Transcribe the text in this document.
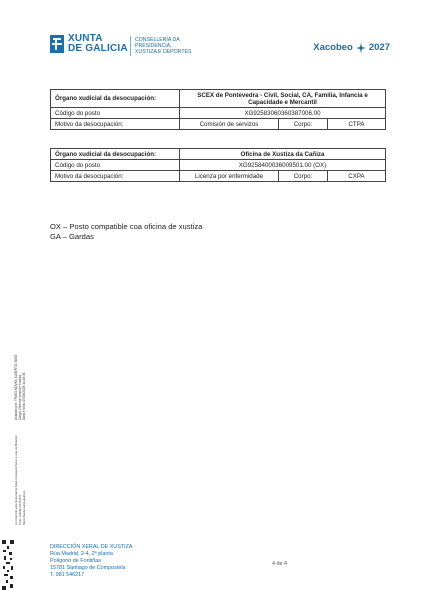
XUNTA
DE GALICIA
CONSELLERÍA DA
PRESIDENCIA,
XUSTIZA E DEPORTES	Xacobeo 2027
Órgano xudicial da desocupación:	SCEX de Pontevedra - Civil, Social, CA, Familia, Infancia e Capacidade e Mercantil		
Código do posto	XG925830603603870​06.00		
Motivo da desocupación:	Comisión de servizos	Corpo:	CTPA
Órgano xudicial da desocupación:	Oficina de Xustiza da Cañiza		
Código do posto	XG925840003600950​1.00 (OX)		
Motivo da desocupación:	Licenza por enfermidade	Corpo:	CXPA
OX – Posto compatible coa oficina de xustiza
GA – Gardas
Asinado por: TRIGO NOVIO, ALBERTO JOSÉ Cargo: Director xeral de Xustiza Data e hora: 09/03/2026 14:45:31
Ao imprimir este documento faise necesario facer a súa verificación CVE: H4ODLCF7H4-5 https://sede.xunta.gal/cve
DIRECCIÓN XERAL DE XUSTIZA
Rúa Madrid, 2-4, 2ª planta
Polígono de Fontiñas
15781 Santiago de Compostela
T. 981 546217
4 de 4
